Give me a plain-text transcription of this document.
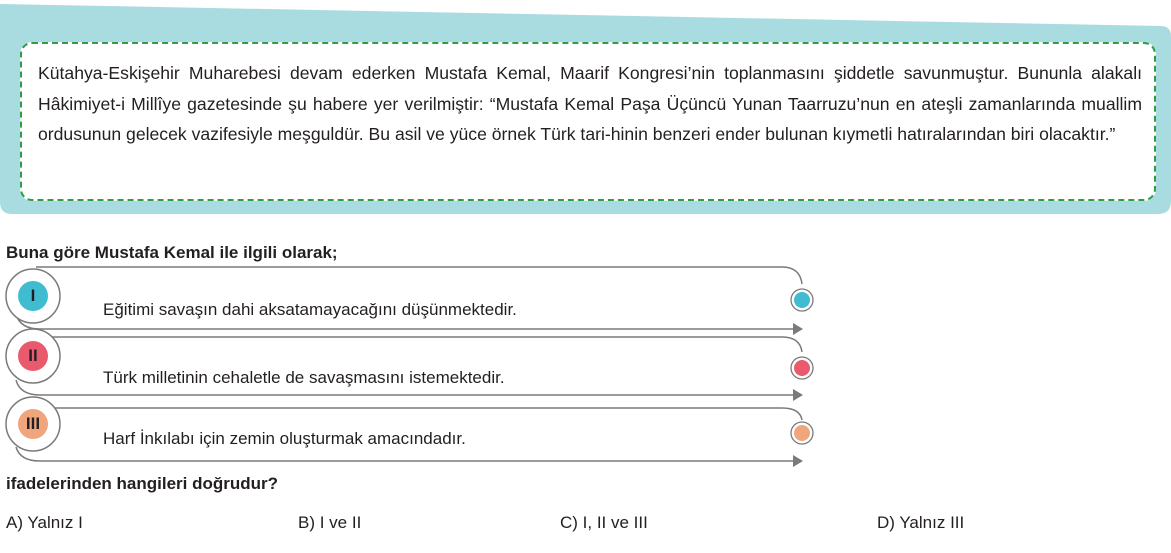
Kütahya-Eskişehir Muharebesi devam ederken Mustafa Kemal, Maarif Kongresi’nin toplanmasını şiddetle savunmuştur. Bununla alakalı Hâkimiyet-i Millîye gazetesinde şu habere yer verilmiştir: “Mustafa Kemal Paşa Üçüncü Yunan Taarruzu’nun en ateşli zamanlarında muallim ordusunun gelecek vazifesiyle meşguldür. Bu asil ve yüce örnek Türk tari-hinin benzeri ender bulunan kıymetli hatıralarından biri olacaktır.”

Buna göre Mustafa Kemal ile ilgili olarak;

I
Eğitimi savaşın dahi aksatamayacağını düşünmektedir.
II
Türk milletinin cehaletle de savaşmasını istemektedir.
III
Harf İnkılabı için zemin oluşturmak amacındadır.

ifadelerinden hangileri doğrudur?

A) Yalnız I	B) I ve II	C) I, II ve III	D) Yalnız III
